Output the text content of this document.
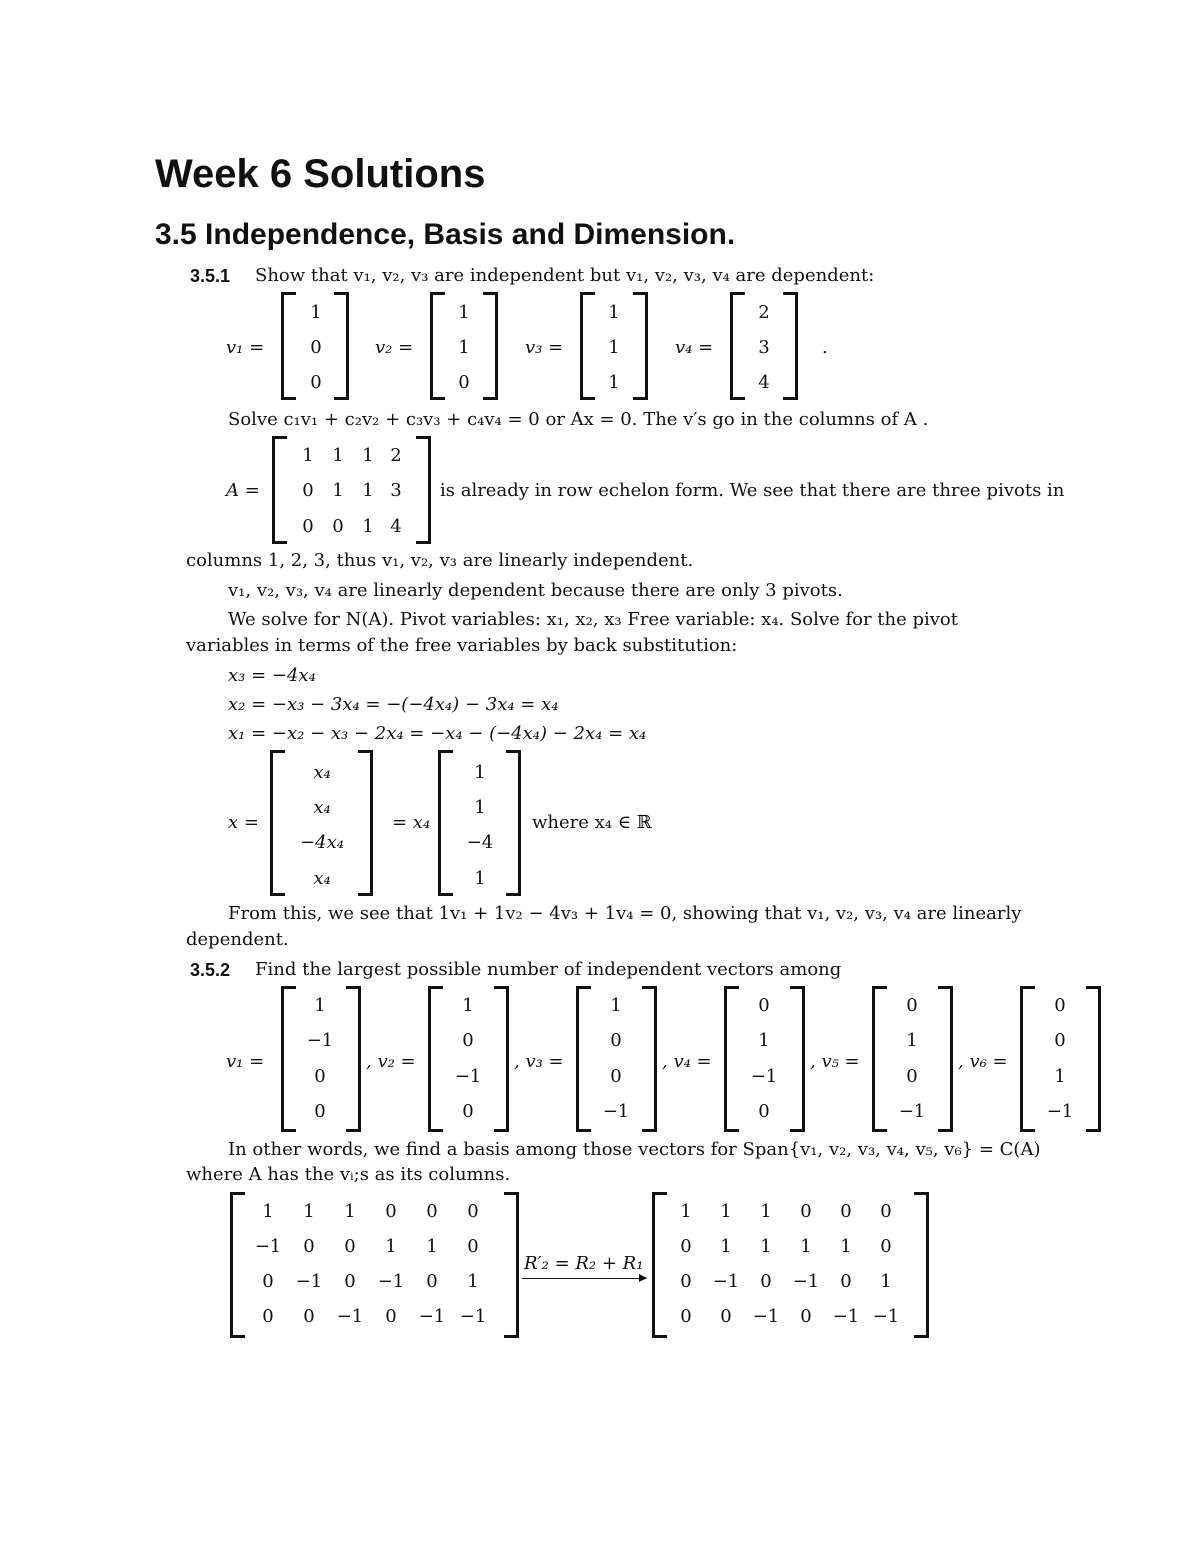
Week 6 Solutions
3.5 Independence, Basis and Dimension.
3.5.1 Show that v₁, v₂, v₃ are independent but v₁, v₂, v₃, v₄ are dependent:
v₁ =
1
0
0
v₂ =
1
1
0
v₃ =
1
1
1
v₄ =
2
3
4
.
Solve c₁v₁ + c₂v₂ + c₃v₃ + c₄v₄ = 0 or Ax = 0. The v′s go in the columns of A .
A =
1	1	1 2
0	1	1 3
0	0	1 4
is already in row echelon form. We see that there are three pivots in
columns 1, 2, 3, thus v₁, v₂, v₃ are linearly independent.
v₁, v₂, v₃, v₄ are linearly dependent because there are only 3 pivots.
We solve for N(A). Pivot variables: x₁, x₂, x₃ Free variable: x₄. Solve for the pivot
variables in terms of the free variables by back substitution:
x₃ = −4x₄
x₂ = −x₃ − 3x₄ = −(−4x₄) − 3x₄ = x₄
x₁ = −x₂ − x₃ − 2x₄ = −x₄ − (−4x₄) − 2x₄ = x₄
x =
x₄
x₄
−4x₄
x₄
= x₄
1
1
−4
1
where x₄ ∈ ℝ
From this, we see that 1v₁ + 1v₂ − 4v₃ + 1v₄ = 0, showing that v₁, v₂, v₃, v₄ are linearly
dependent.
3.5.2 Find the largest possible number of independent vectors among
v₁ =
1
−1
0
0
, v₂ =
1
0
−1
0
, v₃ =
1
0
0
−1
, v₄ =
0
1
−1
0
, v₅ =
0
1
0
−1
, v₆ =
0
0
1
−1
In other words, we find a basis among those vectors for Span{v₁, v₂, v₃, v₄, v₅, v₆} = C(A)
where A has the vᵢ;s as its columns.
1	1	1	0	0	0
−1	0	0	1	1	0
0	−1	0	−1	0	1
0	0	−1	0	−1 −1
R′₂ = R₂ + R₁
1	1	1	0	0	0
0	1	1	1	1	0
0	−1	0	−1	0	1
0	0	−1	0	−1 −1
